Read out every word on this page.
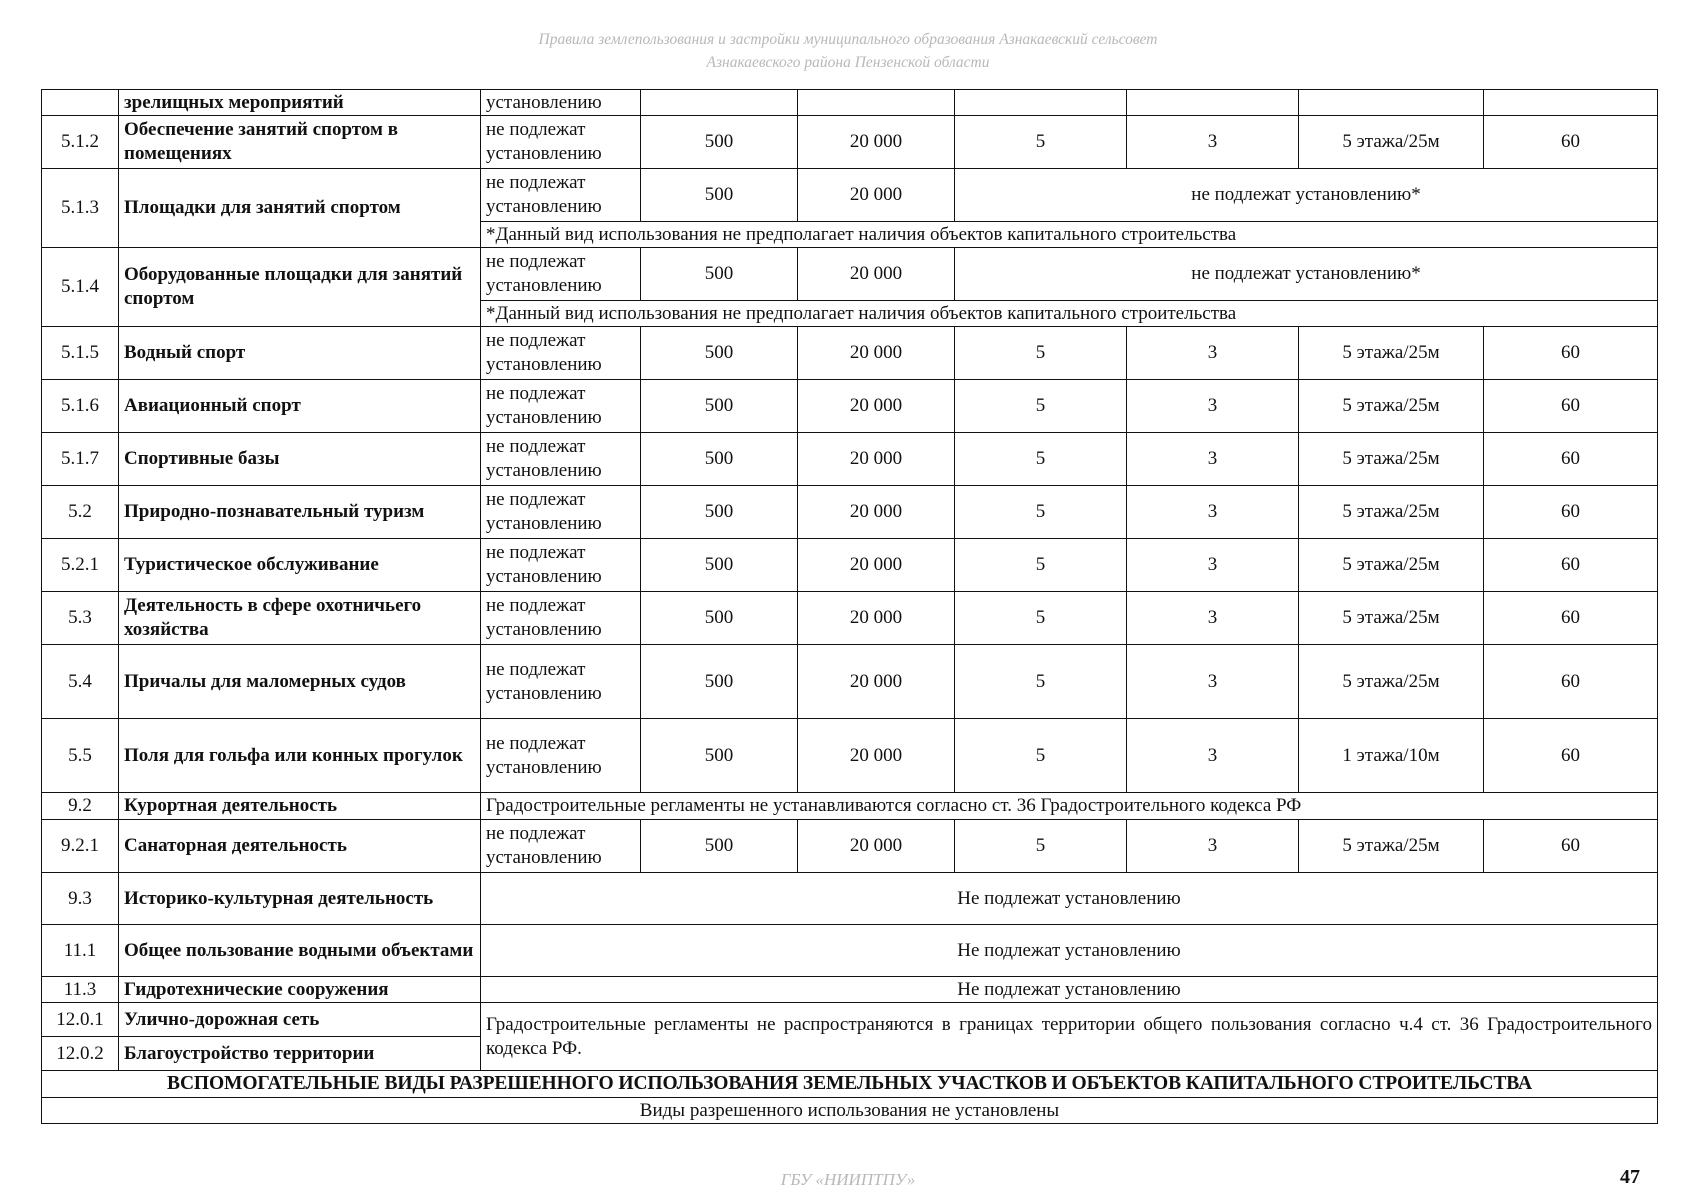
Правила землепользования и застройки муниципального образования Азнакаевский сельсовет
Азнакаевского района Пензенской области
	зрелищных мероприятий	установлению						
5.1.2	Обеспечение занятий спортом в помещениях	не подлежат установлению	500	20 000	5	3	5 этажа/25м	60
5.1.3	Площадки для занятий спортом	не подлежат установлению	500	20 000	не подлежат установлению*			
		*Данный вид использования не предполагает наличия объектов капитального строительства						
5.1.4	Оборудованные площадки для занятий спортом	не подлежат установлению	500	20 000	не подлежат установлению*			
		*Данный вид использования не предполагает наличия объектов капитального строительства						
5.1.5	Водный спорт	не подлежат установлению	500	20 000	5	3	5 этажа/25м	60
5.1.6	Авиационный спорт	не подлежат установлению	500	20 000	5	3	5 этажа/25м	60
5.1.7	Спортивные базы	не подлежат установлению	500	20 000	5	3	5 этажа/25м	60
5.2	Природно-познавательный туризм	не подлежат установлению	500	20 000	5	3	5 этажа/25м	60
5.2.1	Туристическое обслуживание	не подлежат установлению	500	20 000	5	3	5 этажа/25м	60
5.3	Деятельность в сфере охотничьего хозяйства	не подлежат установлению	500	20 000	5	3	5 этажа/25м	60
5.4	Причалы для маломерных судов	не подлежат установлению	500	20 000	5	3	5 этажа/25м	60
5.5	Поля для гольфа или конных прогулок	не подлежат установлению	500	20 000	5	3	1 этажа/10м	60
9.2	Курортная деятельность	Градостроительные регламенты не устанавливаются согласно ст. 36 Градостроительного кодекса РФ						
9.2.1	Санаторная деятельность	не подлежат установлению	500	20 000	5	3	5 этажа/25м	60
9.3	Историко-культурная деятельность	Не подлежат установлению						
11.1	Общее пользование водными объектами	Не подлежат установлению						
11.3	Гидротехнические сооружения	Не подлежат установлению						
12.0.1	Улично-дорожная сеть	Градостроительные регламенты не распространяются в границах территории общего пользования согласно ч.4 ст. 36 Градостроительного кодекса РФ.						
12.0.2	Благоустройство территории							
ВСПОМОГАТЕЛЬНЫЕ ВИДЫ РАЗРЕШЕННОГО ИСПОЛЬЗОВАНИЯ ЗЕМЕЛЬНЫХ УЧАСТКОВ И ОБЪЕКТОВ КАПИТАЛЬНОГО СТРОИТЕЛЬСТВА								
Виды разрешенного использования не установлены								
ГБУ «НИИПТПУ»	47
